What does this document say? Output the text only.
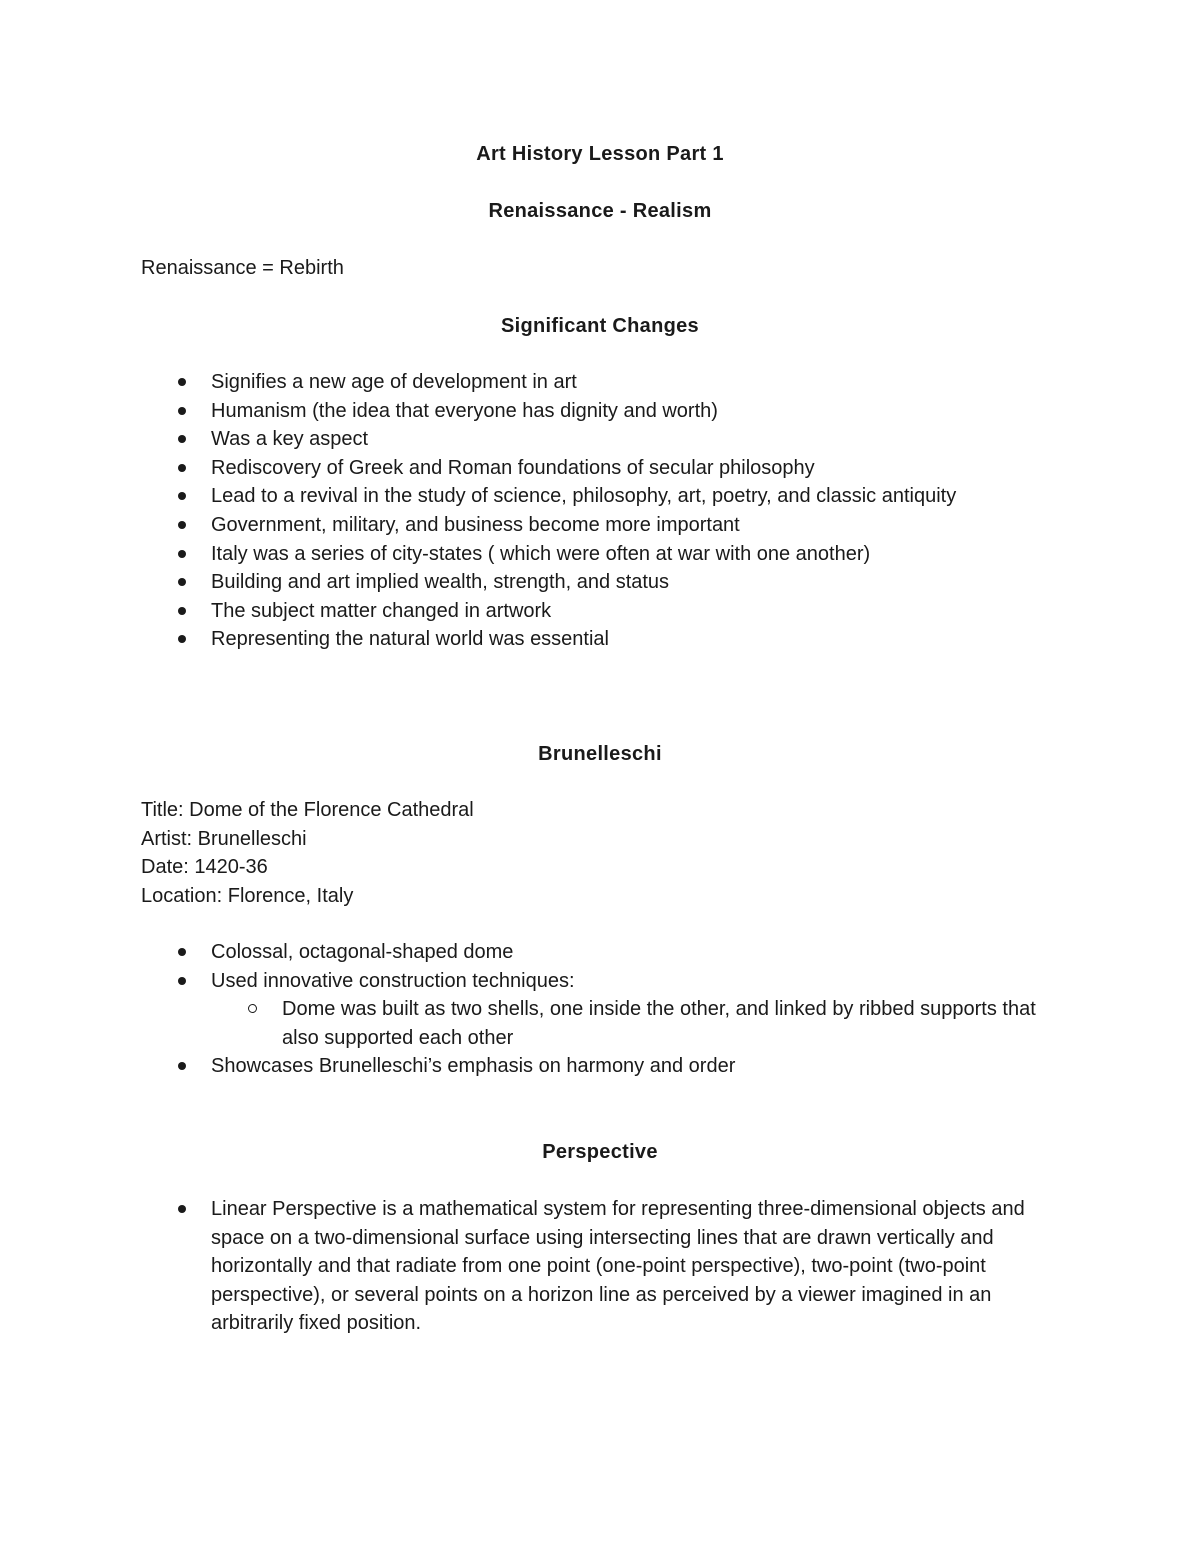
Art History Lesson Part 1
Renaissance - Realism
Renaissance = Rebirth
Significant Changes
Signifies a new age of development in art
Humanism (the idea that everyone has dignity and worth)
Was a key aspect
Rediscovery of Greek and Roman foundations of secular philosophy
Lead to a revival in the study of science, philosophy, art, poetry, and classic antiquity
Government, military, and business become more important
Italy was a series of city-states ( which were often at war with one another)
Building and art implied wealth, strength, and status
The subject matter changed in artwork
Representing the natural world was essential
Brunelleschi
Title: Dome of the Florence Cathedral
Artist: Brunelleschi
Date: 1420-36
Location: Florence, Italy
Colossal, octagonal-shaped dome
Used innovative construction techniques:
Dome was built as two shells, one inside the other, and linked by ribbed supports that also supported each other
Showcases Brunelleschi’s emphasis on harmony and order
Perspective
Linear Perspective is a mathematical system for representing three-dimensional objects and space on a two-dimensional surface using intersecting lines that are drawn vertically and horizontally and that radiate from one point (one-point perspective), two-point (two-point perspective), or several points on a horizon line as perceived by a viewer imagined in an arbitrarily fixed position.
